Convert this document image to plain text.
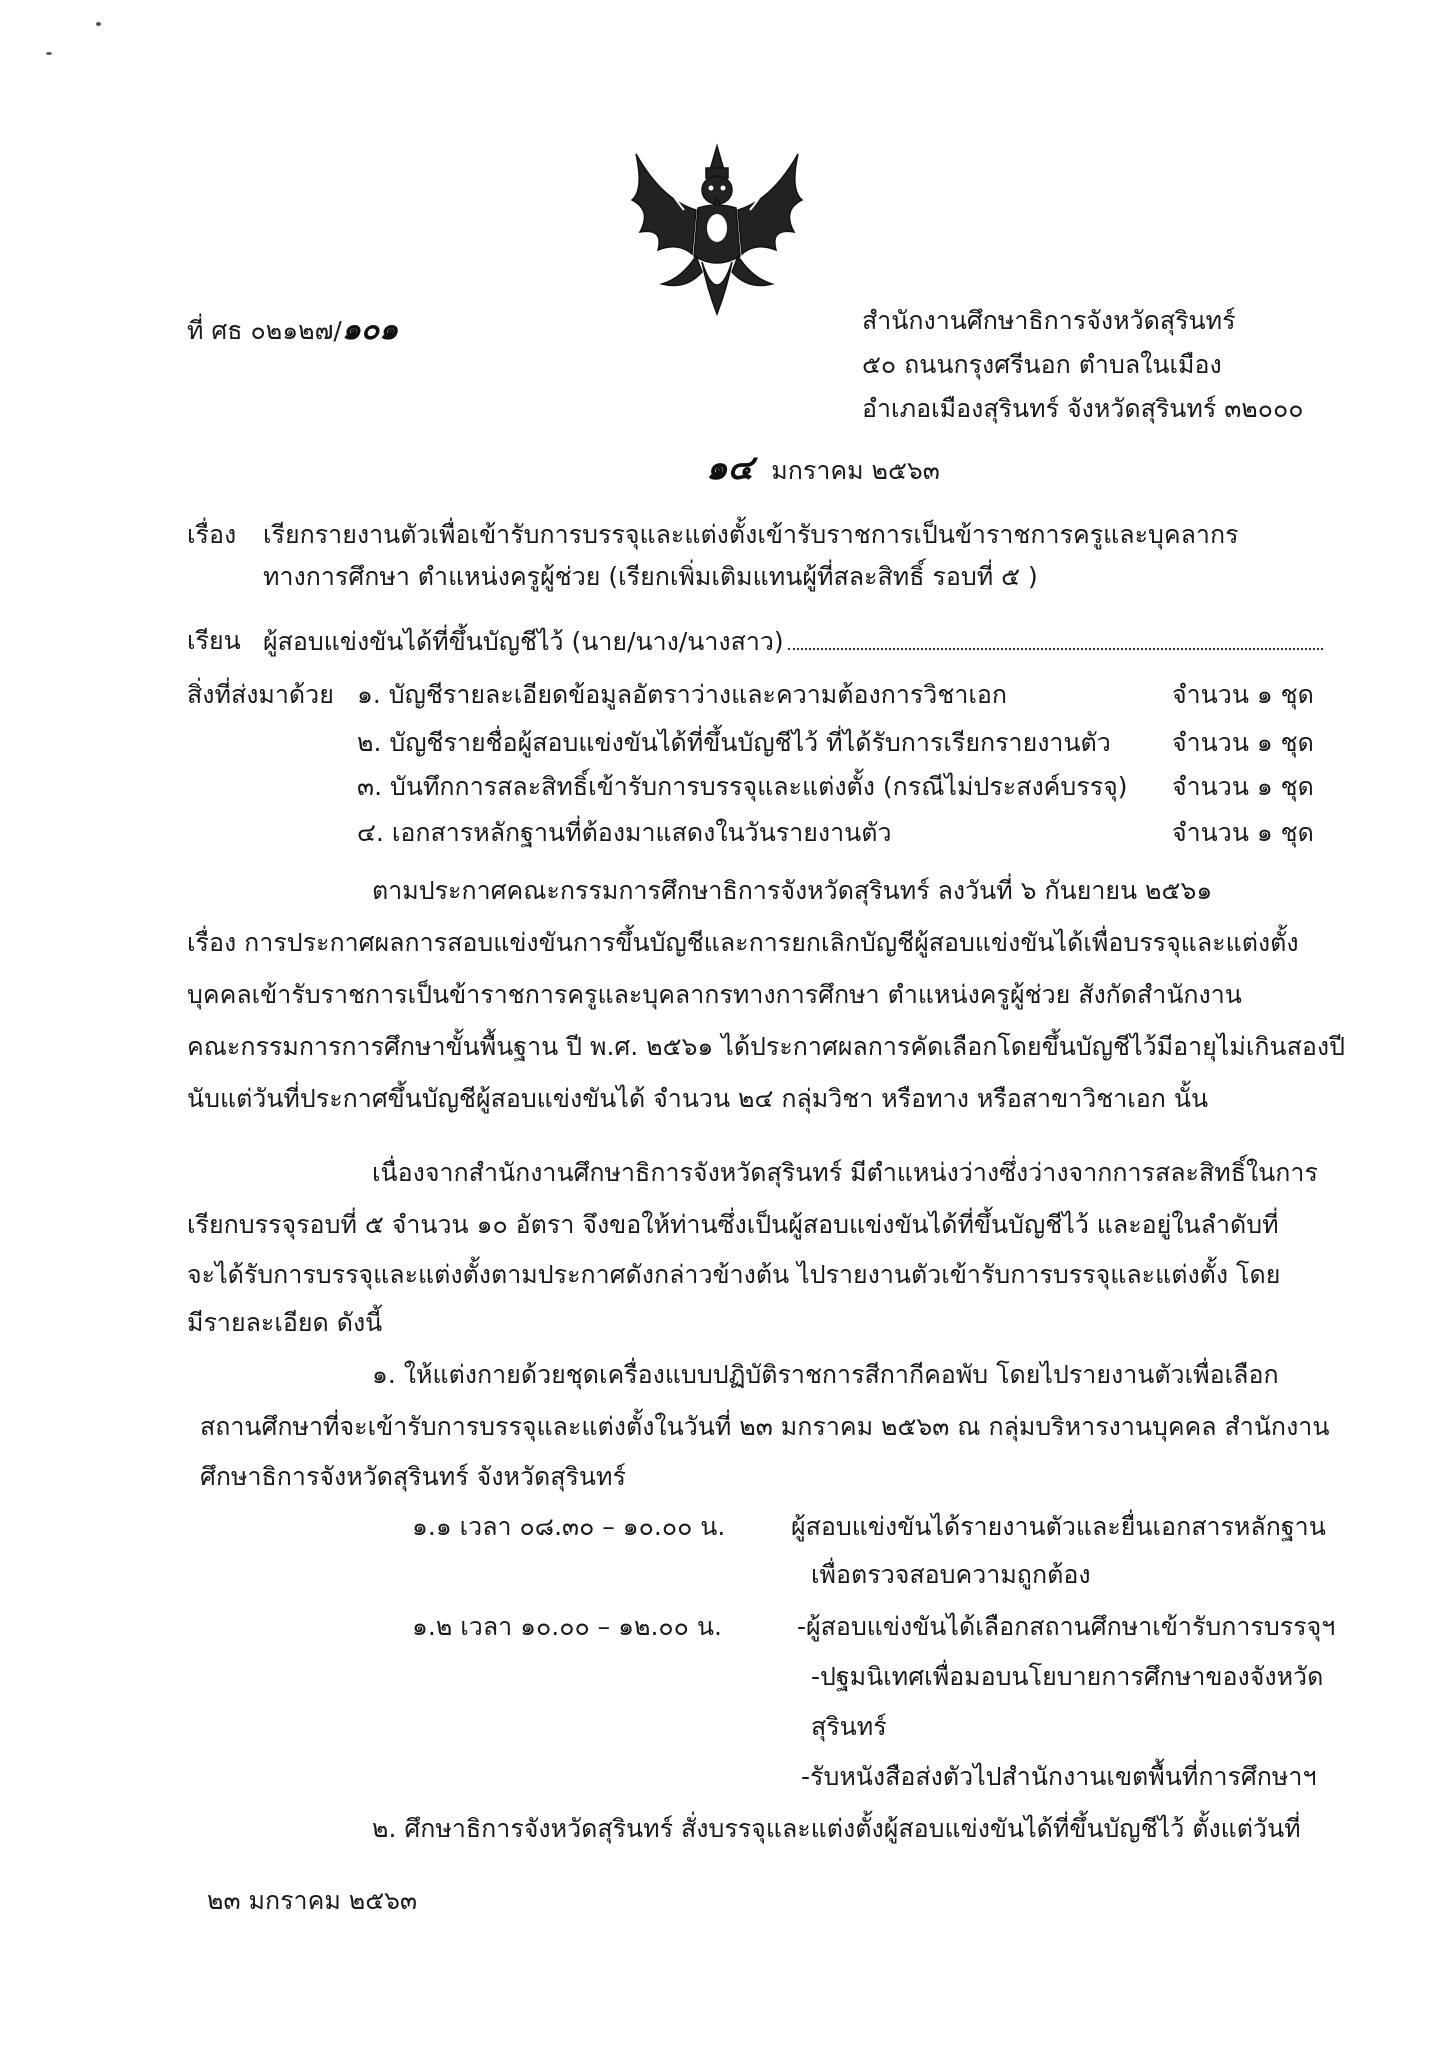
ที่ ศธ ๐๒๑๒๗/๑๐๑	สำนักงานศึกษาธิการจังหวัดสุรินทร์
๕๐ ถนนกรุงศรีนอก ตำบลในเมือง
อำเภอเมืองสุรินทร์ จังหวัดสุรินทร์ ๓๒๐๐๐
๑๔ มกราคม ๒๕๖๓
เรื่อง เรียกรายงานตัวเพื่อเข้ารับการบรรจุและแต่งตั้งเข้ารับราชการเป็นข้าราชการครูและบุคลากร
ทางการศึกษา ตำแหน่งครูผู้ช่วย (เรียกเพิ่มเติมแทนผู้ที่สละสิทธิ์ รอบที่ ๕ )
เรียน ผู้สอบแข่งขันได้ที่ขึ้นบัญชีไว้ (นาย/นาง/นางสาว)
สิ่งที่ส่งมาด้วย ๑. บัญชีรายละเอียดข้อมูลอัตราว่างและความต้องการวิชาเอก	จำนวน ๑ ชุด
๒. บัญชีรายชื่อผู้สอบแข่งขันได้ที่ขึ้นบัญชีไว้ ที่ได้รับการเรียกรายงานตัว จำนวน ๑ ชุด
๓. บันทึกการสละสิทธิ์เข้ารับการบรรจุและแต่งตั้ง (กรณีไม่ประสงค์บรรจุ) จำนวน ๑ ชุด
๔. เอกสารหลักฐานที่ต้องมาแสดงในวันรายงานตัว	จำนวน ๑ ชุด
ตามประกาศคณะกรรมการศึกษาธิการจังหวัดสุรินทร์ ลงวันที่ ๖ กันยายน ๒๕๖๑
เรื่อง การประกาศผลการสอบแข่งขันการขึ้นบัญชีและการยกเลิกบัญชีผู้สอบแข่งขันได้เพื่อบรรจุและแต่งตั้ง
บุคคลเข้ารับราชการเป็นข้าราชการครูและบุคลากรทางการศึกษา ตำแหน่งครูผู้ช่วย สังกัดสำนักงาน
คณะกรรมการการศึกษาขั้นพื้นฐาน ปี พ.ศ. ๒๕๖๑ ได้ประกาศผลการคัดเลือกโดยขึ้นบัญชีไว้มีอายุไม่เกินสองปี
นับแต่วันที่ประกาศขึ้นบัญชีผู้สอบแข่งขันได้ จำนวน ๒๔ กลุ่มวิชา หรือทาง หรือสาขาวิชาเอก นั้น
เนื่องจากสำนักงานศึกษาธิการจังหวัดสุรินทร์ มีตำแหน่งว่างซึ่งว่างจากการสละสิทธิ์ในการ
เรียกบรรจุรอบที่ ๕ จำนวน ๑๐ อัตรา จึงขอให้ท่านซึ่งเป็นผู้สอบแข่งขันได้ที่ขึ้นบัญชีไว้ และอยู่ในลำดับที่
จะได้รับการบรรจุและแต่งตั้งตามประกาศดังกล่าวข้างต้น ไปรายงานตัวเข้ารับการบรรจุและแต่งตั้ง โดย
มีรายละเอียด ดังนี้
๑. ให้แต่งกายด้วยชุดเครื่องแบบปฏิบัติราชการสีกากีคอพับ โดยไปรายงานตัวเพื่อเลือก
สถานศึกษาที่จะเข้ารับการบรรจุและแต่งตั้งในวันที่ ๒๓ มกราคม ๒๕๖๓ ณ กลุ่มบริหารงานบุคคล สำนักงาน
ศึกษาธิการจังหวัดสุรินทร์ จังหวัดสุรินทร์
๑.๑ เวลา ๐๘.๓๐ – ๑๐.๐๐ น.	ผู้สอบแข่งขันได้รายงานตัวและยื่นเอกสารหลักฐาน
เพื่อตรวจสอบความถูกต้อง
๑.๒ เวลา ๑๐.๐๐ – ๑๒.๐๐ น.	-ผู้สอบแข่งขันได้เลือกสถานศึกษาเข้ารับการบรรจุฯ
-ปฐมนิเทศเพื่อมอบนโยบายการศึกษาของจังหวัด
สุรินทร์
-รับหนังสือส่งตัวไปสำนักงานเขตพื้นที่การศึกษาฯ
๒. ศึกษาธิการจังหวัดสุรินทร์ สั่งบรรจุและแต่งตั้งผู้สอบแข่งขันได้ที่ขึ้นบัญชีไว้ ตั้งแต่วันที่
๒๓ มกราคม ๒๕๖๓
